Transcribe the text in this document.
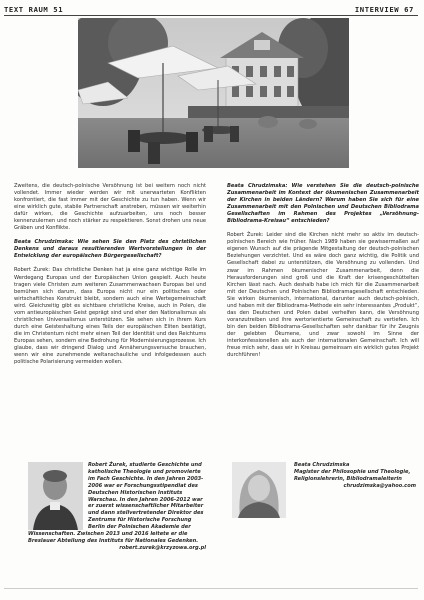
TEXT RAUM 51	INTERVIEW 67

Zweitens, die deutsch-polnische Versöhnung ist bei weitem noch nicht vollendet. Immer wieder werden wir mit unerwarteten Konflikten konfrontiert, die fast immer mit der Geschichte zu tun haben. Wenn wir eine wirklich gute, stabile Partnerschaft anstreben, müssen wir weiterhin dafür wirken, die Geschichte aufzuarbeiten, uns noch besser kennenzulernen und noch stärker zu respektieren. Sonst drohen uns neue Gräben und Konflikte.

Beata Chrudzimska: Wie sehen Sie den Platz des christlichen Denkens und daraus resultierenden Wertvorstellungen in der Entwicklung der europäischen Bürgergesellschaft?

Robert Żurek: Das christliche Denken hat ja eine ganz wichtige Rolle im Werdegang Europas und der Europäischen Union gespielt. Auch heute tragen viele Christen zum weiteren Zusammenwachsen Europas bei und bemühen sich darum, dass Europa nicht nur ein politisches oder wirtschaftliches Konstrukt bleibt, sondern auch eine Wertegemeinschaft wird. Gleichzeitig gibt es sichtbare christliche Kreise, auch in Polen, die vom antieuropäischen Geist geprägt sind und eher den Nationalismus als christlichen Universalismus unterstützen. Sie sehen sich in ihrem Kurs durch eine Geisteshaltung eines Teils der europäischen Eliten bestätigt, die im Christentum nicht mehr einen Teil der Identität und des Reichtums Europas sehen, sondern eine Bedrohung für Modernisierungsprozesse. Ich glaube, dass wir dringend Dialog und Annäherungsversuche brauchen, wenn wir eine zunehmende weltanschauliche und infolgedessen auch politische Polarisierung vermeiden wollen.

Beata Chrudzimska: Wie verstehen Sie die deutsch-polnische Zusammenarbeit im Kontext der ökumenischen Zusammenarbeit der Kirchen in beiden Ländern? Warum haben Sie sich für eine Zusammenarbeit mit den Polnischen und Deutschen Bibliodrama Gesellschaften im Rahmen des Projektes „Versöhnung-Bibliodrama-Kreisau“ entschieden?

Robert Żurek: Leider sind die Kirchen nicht mehr so aktiv im deutsch-polnischen Bereich wie früher. Nach 1989 haben sie gewissermaßen auf eigenen Wunsch auf die prägende Mitgestaltung der deutsch-polnischen Beziehungen verzichtet. Und es wäre doch ganz wichtig, die Politik und Gesellschaft dabei zu unterstützen, die Versöhnung zu vollenden. Und zwar im Rahmen ökumenischer Zusammenarbeit, denn die Herausforderungen sind groß und die Kraft der krisengeschüttelten Kirchen lässt nach. Auch deshalb habe ich mich für die Zusammenarbeit mit der Deutschen und Polnischen Bibliodramagesellschaft entschieden. Sie wirken ökumenisch, international, darunter auch deutsch-polnisch, und haben mit der Bibliodrama-Methode ein sehr interessantes „Produkt“, das den Deutschen und Polen dabei verhelfen kann, die Versöhnung voranzutreiben und ihre wertorientierte Gemeinschaft zu vertiefen. Ich bin den beiden Bibliodrama-Gesellschaften sehr dankbar für ihr Zeugnis der gelebten Ökumene, und zwar sowohl im Sinne der interkonfessionellen als auch der internationalen Gemeinschaft. Ich will freue mich sehr, dass wir in Kreisau gemeinsam ein wirklich gutes Projekt durchführen!

Robert Żurek, studierte Geschichte und katholische Theologie und promovierte im Fach Geschichte. In den Jahren 2003-2006 war er Forschungsstipendiat des Deutschen Historischen Instituts Warschau. In den Jahren 2006-2012 war er zuerst wissenschaftlicher Mitarbeiter und dann stellvertretender Direktor des Zentrums für Historische Forschung Berlin der Polnischen Akademie der Wissenschaften. Zwischen 2013 und 2016 leitete er die Breslauer Abteilung des Instituts für Nationales Gedenken.
robert.zurek@krzyzowa.org.pl
Beata Chrudzimska
Magister der Philosophie und Theologie, Religionslehrerin, Bibliodramaleiterin
chrudzimska@yahoo.com
